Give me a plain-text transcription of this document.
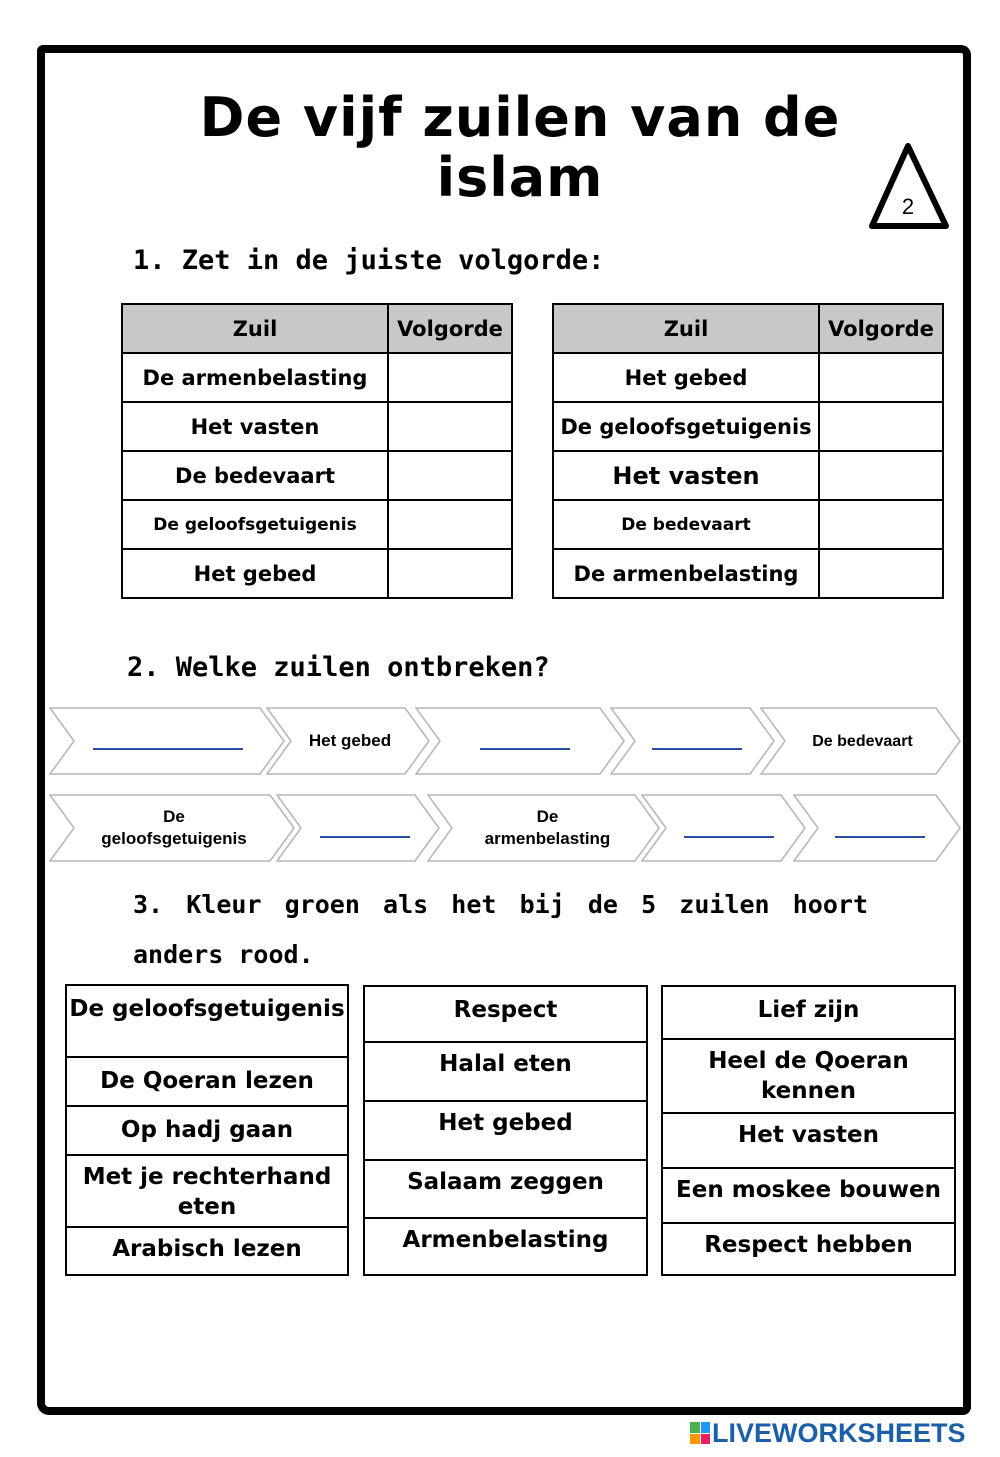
De vijf zuilen van de islam	2
1. Zet in de juiste volgorde:
Zuil	Volgorde
De armenbelasting	
Het vasten	
De bedevaart	
De geloofsgetuigenis	
Het gebed	
Zuil	Volgorde
Het gebed	
De geloofsgetuigenis	
Het vasten	
De bedevaart	
De armenbelasting	
2. Welke zuilen ontbreken?
Het gebed	De bedevaart
De geloofsgetuigenis
De armenbelasting
3. Kleur groen als het bij de 5 zuilen hoort anders rood.
De geloofsgetuigenis
De Qoeran lezen
Op hadj gaan
Met je rechterhand eten
Arabisch lezen
Respect
Halal eten
Het gebed
Salaam zeggen
Armenbelasting
Lief zijn
Heel de Qoeran kennen
Het vasten
Een moskee bouwen
Respect hebben
LIVEWORKSHEETS
